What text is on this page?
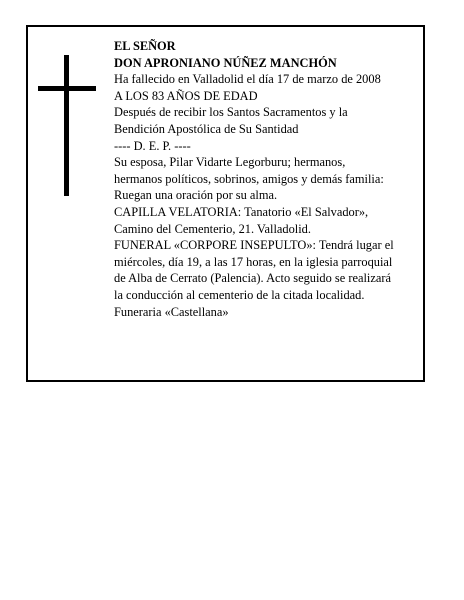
EL SEÑOR
DON APRONIANO NÚÑEZ MANCHÓN
Ha fallecido en Valladolid el día 17 de marzo de 2008
A LOS 83 AÑOS DE EDAD
Después de recibir los Santos Sacramentos y la
Bendición Apostólica de Su Santidad
---- D. E. P. ----
Su esposa, Pilar Vidarte Legorburu; hermanos,
hermanos políticos, sobrinos, amigos y demás familia:
Ruegan una oración por su alma.
CAPILLA VELATORIA: Tanatorio «El Salvador»,
Camino del Cementerio, 21. Valladolid.
FUNERAL «CORPORE INSEPULTO»: Tendrá lugar el
miércoles, día 19, a las 17 horas, en la iglesia parroquial
de Alba de Cerrato (Palencia). Acto seguido se realizará
la conducción al cementerio de la citada localidad.
Funeraria «Castellana»
